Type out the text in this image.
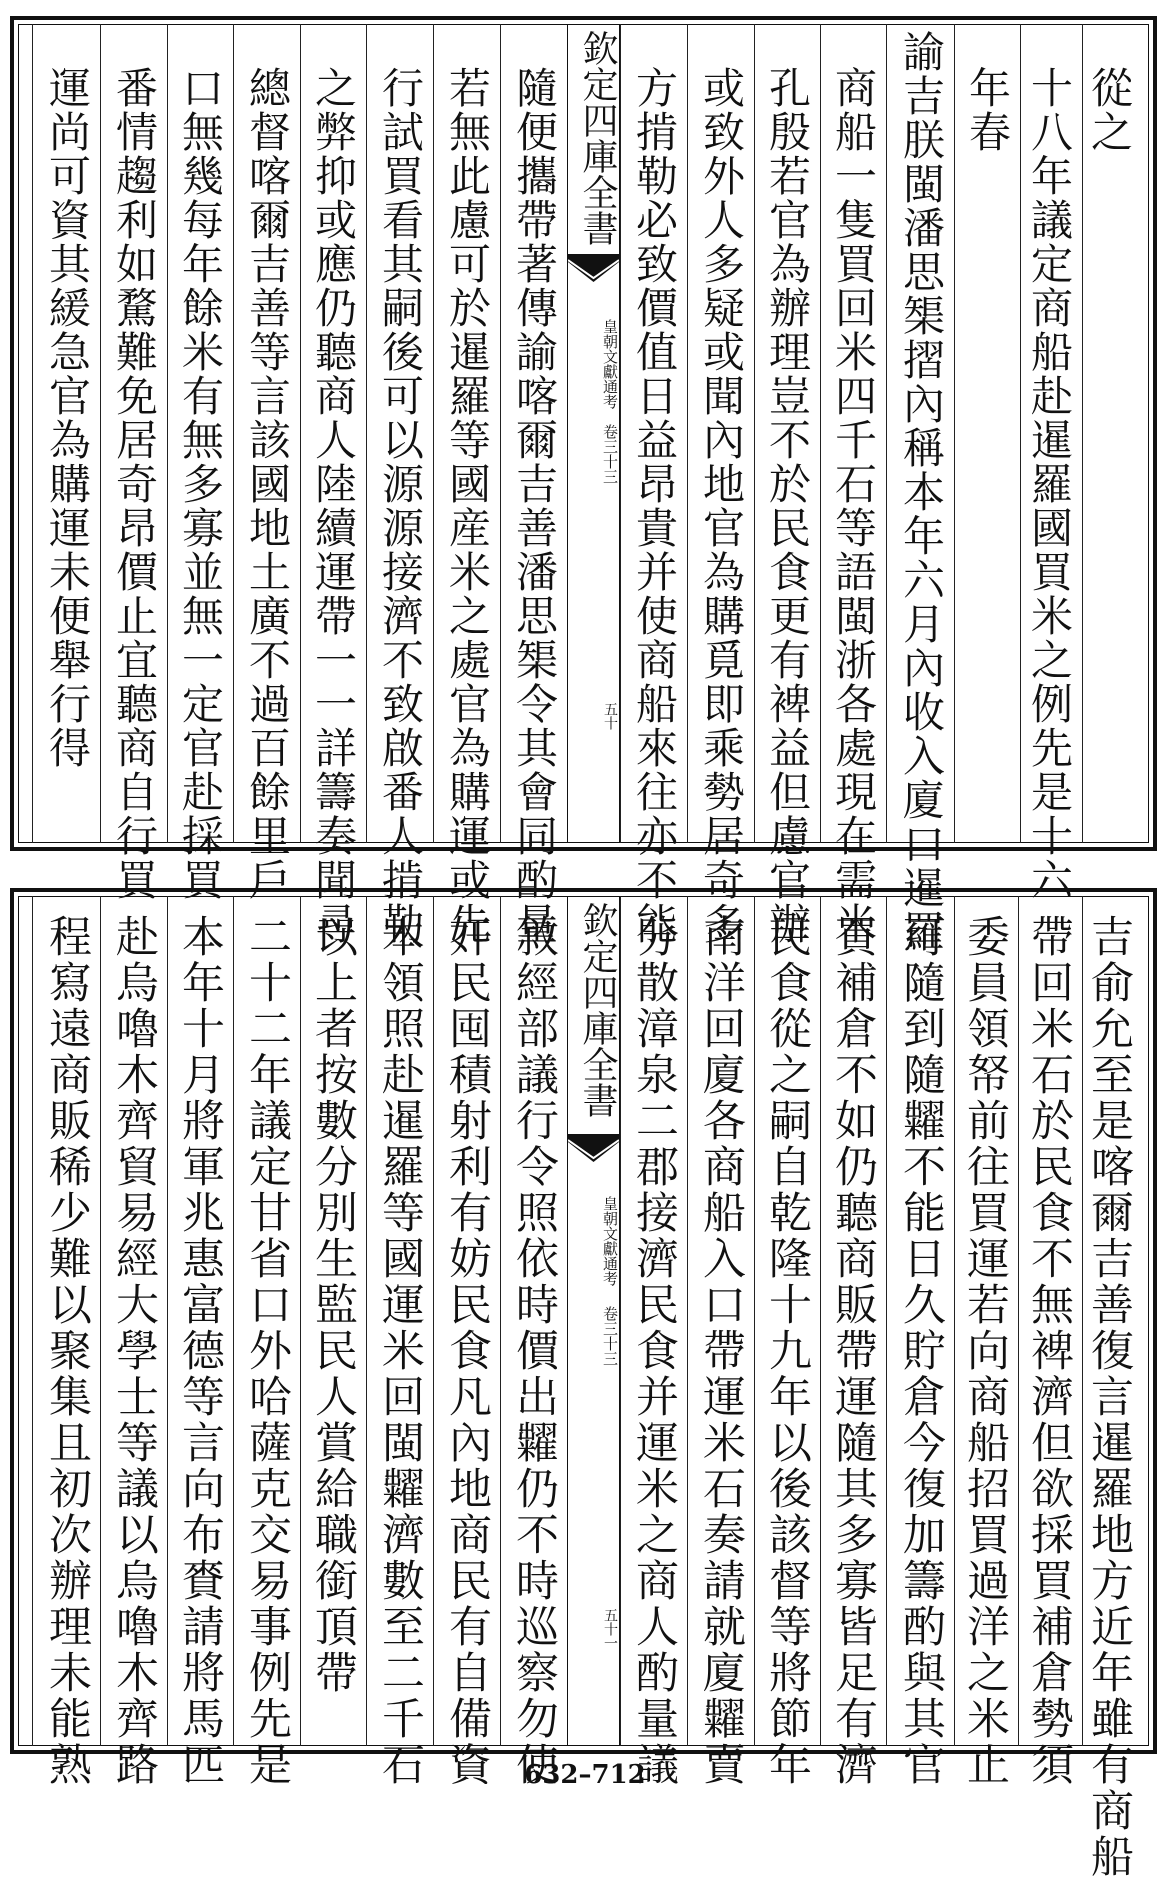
從之
十八年議定商船赴暹羅國買米之例先是十六
年春
諭吉朕閩潘思榘摺內稱本年六月內收入廈口暹羅
商船一隻買回米四千石等語閩浙各處現在需米
孔殷若官為辦理豈不於民食更有裨益但慮官辦
或致外人多疑或聞內地官為購覓即乘勢居奇多
方掯勒必致價值日益昂貴并使商船來往亦不能
欽定四庫全書
皇朝文獻通考
卷三十三
五十
隨便攜帶著傳諭喀爾吉善潘思榘令其會同酌量
若無此慮可於暹羅等國産米之處官為購運或先
行試買看其嗣後可以源源接濟不致啟番人掯勒
之弊抑或應仍聽商人陸續運帶一一詳籌奏聞尋
總督喀爾吉善等言該國地土廣不過百餘里戶
口無幾每年餘米有無多寡並無一定官赴採買
番情趨利如騖難免居奇昂價止宜聽商自行買
運尚可資其緩急官為購運未便舉行得
吉俞允至是喀爾吉善復言暹羅地方近年雖有商船
帶回米石於民食不無裨濟但欲採買補倉勢須
委員領帑前往買運若向商船招買過洋之米止
可隨到隨糶不能日久貯倉今復加籌酌與其官
買補倉不如仍聽商販帶運隨其多寡皆足有濟
民食從之嗣自乾隆十九年以後該督等將節年
南洋回廈各商船入口帶運米石奏請就廈糶賣
分散漳泉二郡接濟民食并運米之商人酌量議
欽定四庫全書
皇朝文獻通考
卷三十三
五十一
敘經部議行令照依時價出糶仍不時巡察勿使
奸民囤積射利有妨民食凡內地商民有自備資
本領照赴暹羅等國運米回閩糶濟數至二千石
以上者按數分別生監民人賞給職銜頂帶
二十二年議定甘省口外哈薩克交易事例先是
本年十月將軍兆惠富德等言向布賚請將馬匹
赴烏嚕木齊貿易經大學士等議以烏嚕木齊路
程寫遠商販稀少難以聚集且初次辦理未能熟	632–712
